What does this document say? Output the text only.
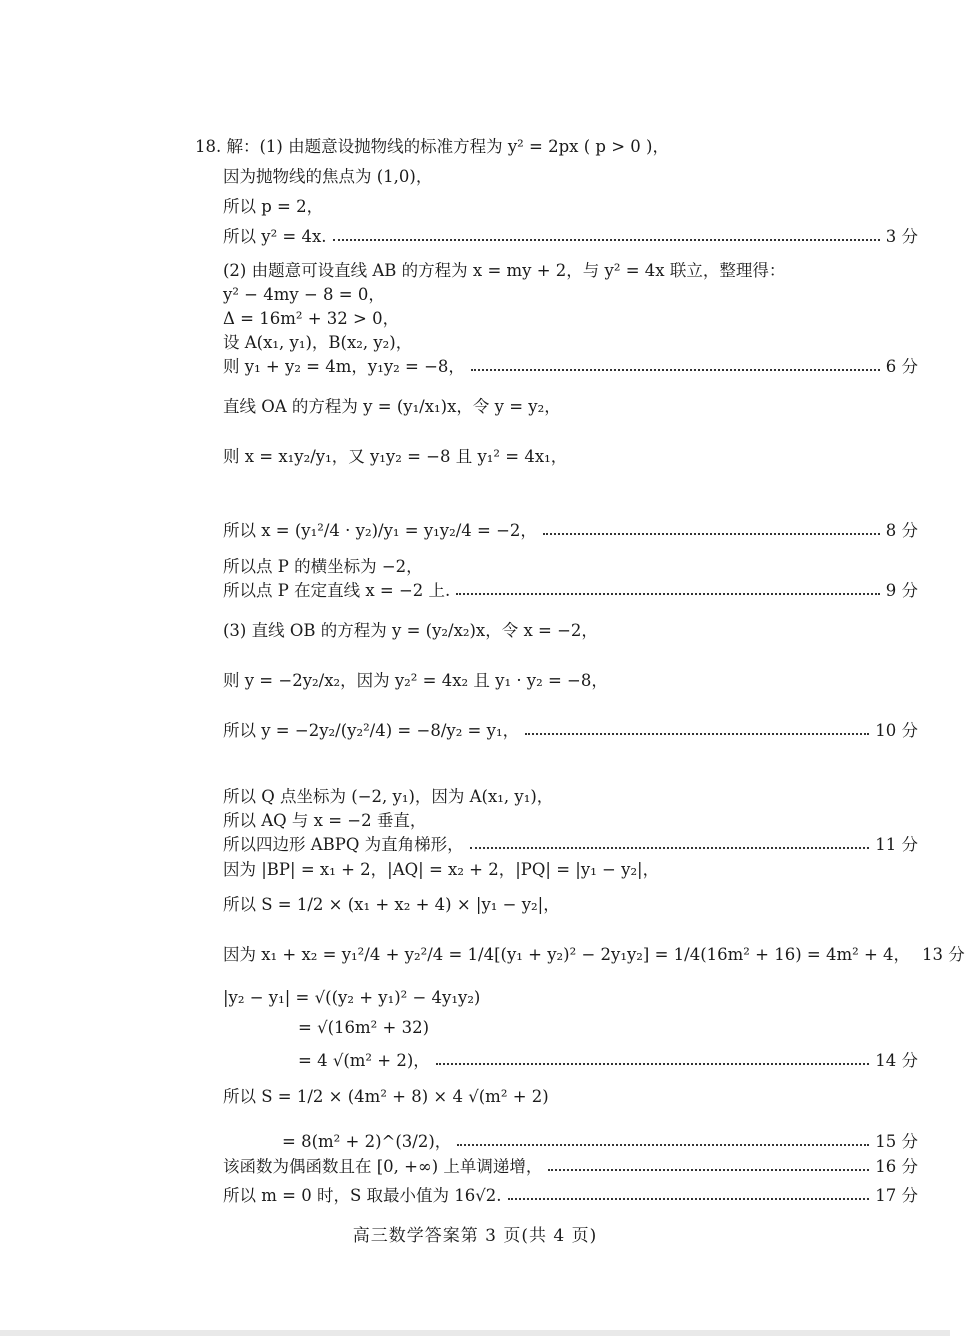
18. 解：(1) 由题意设抛物线的标准方程为 y² = 2px ( p > 0 )，
因为抛物线的焦点为 (1,0)，
所以 p = 2，
所以 y² = 4x.	3 分
(2) 由题意可设直线 AB 的方程为 x = my + 2，与 y² = 4x 联立，整理得：
y² − 4my − 8 = 0，
Δ = 16m² + 32 > 0，
设 A(x₁, y₁)，B(x₂, y₂)，
则 y₁ + y₂ = 4m，y₁y₂ = −8，	6 分
直线 OA 的方程为 y = (y₁/x₁)x，令 y = y₂，
则 x = x₁y₂/y₁，又 y₁y₂ = −8 且 y₁² = 4x₁，
所以 x = (y₁²/4 · y₂)/y₁ = y₁y₂/4 = −2，	8 分
所以点 P 的横坐标为 −2，
所以点 P 在定直线 x = −2 上.	9 分
(3) 直线 OB 的方程为 y = (y₂/x₂)x，令 x = −2，
则 y = −2y₂/x₂，因为 y₂² = 4x₂ 且 y₁ · y₂ = −8，
所以 y = −2y₂/(y₂²/4) = −8/y₂ = y₁，	10 分
所以 Q 点坐标为 (−2, y₁)，因为 A(x₁, y₁)，
所以 AQ 与 x = −2 垂直，
所以四边形 ABPQ 为直角梯形，	11 分
因为 |BP| = x₁ + 2，|AQ| = x₂ + 2，|PQ| = |y₁ − y₂|，
所以 S = 1/2 × (x₁ + x₂ + 4) × |y₁ − y₂|，
因为 x₁ + x₂ = y₁²/4 + y₂²/4 = 1/4[(y₁ + y₂)² − 2y₁y₂] = 1/4(16m² + 16) = 4m² + 4， 13 分
|y₂ − y₁| = √((y₂ + y₁)² − 4y₁y₂)
= √(16m² + 32)
= 4 √(m² + 2)，	14 分
所以 S = 1/2 × (4m² + 8) × 4 √(m² + 2)
= 8(m² + 2)^(3/2)，	15 分
该函数为偶函数且在 [0, +∞) 上单调递增，	16 分
所以 m = 0 时，S 取最小值为 16√2.	17 分
高三数学答案第 3 页(共 4 页)
